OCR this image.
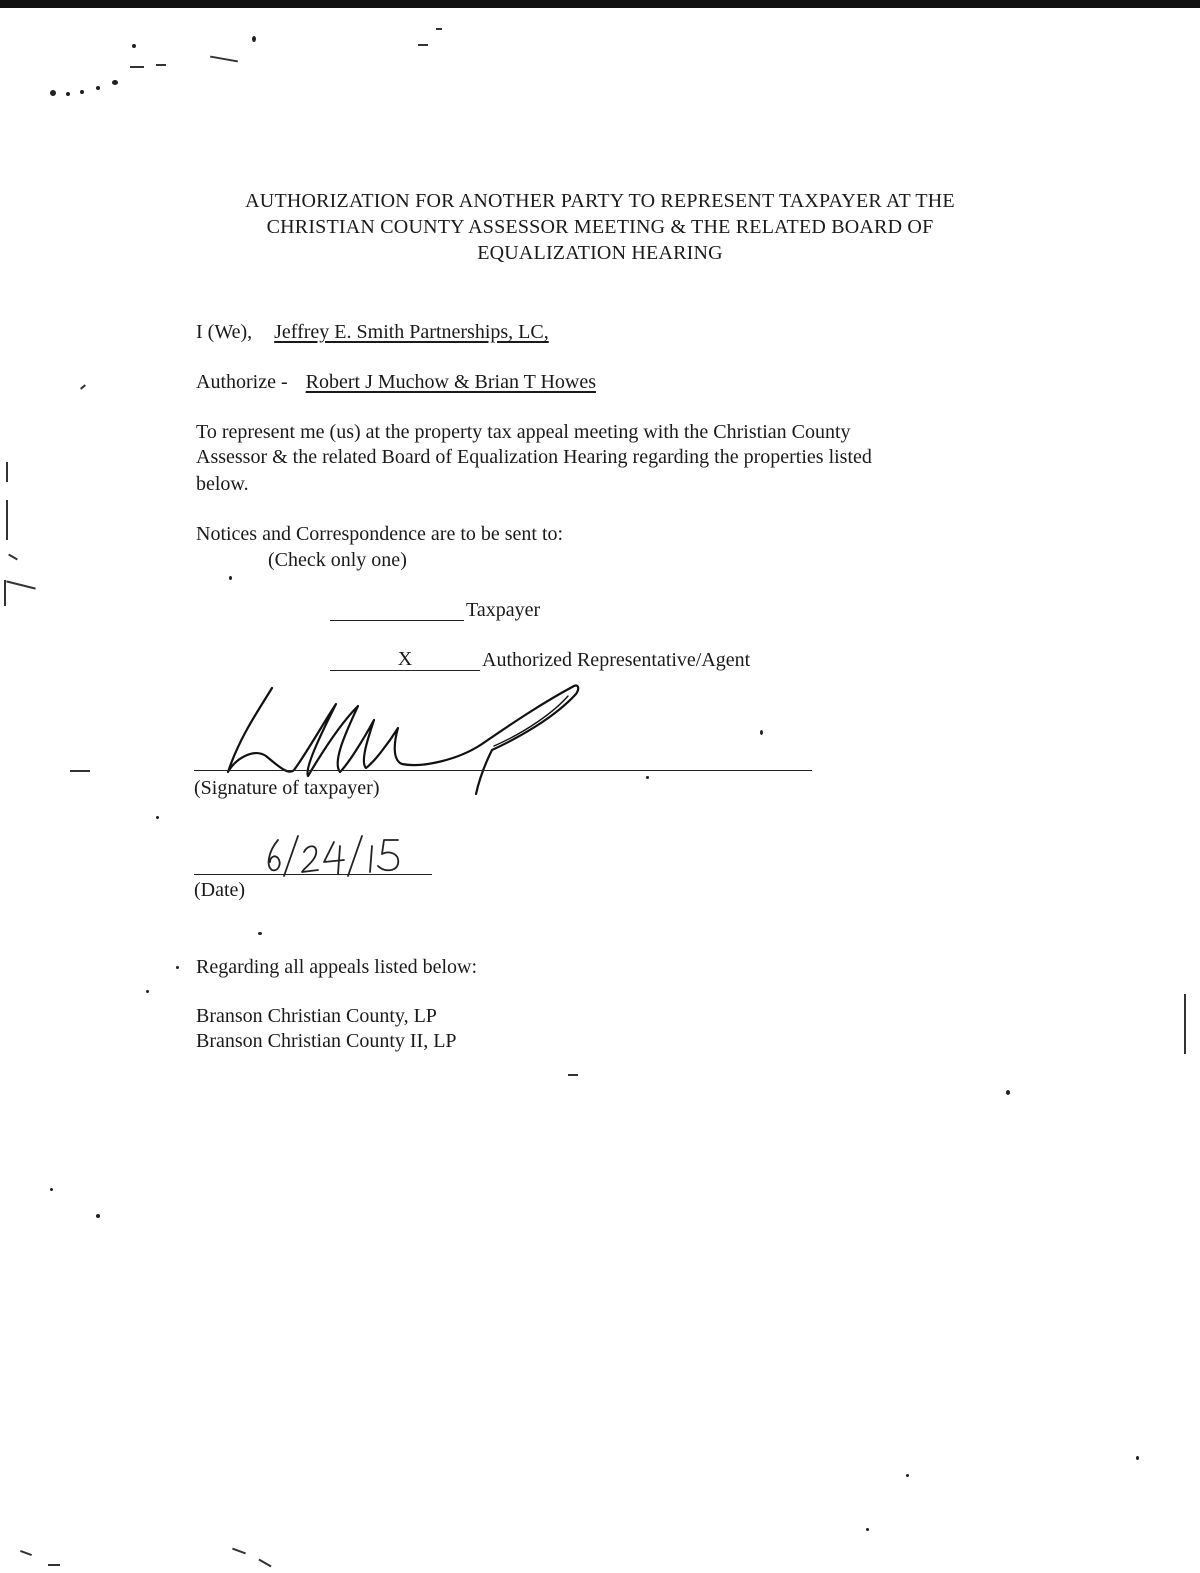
AUTHORIZATION FOR ANOTHER PARTY TO REPRESENT TAXPAYER AT THE
CHRISTIAN COUNTY ASSESSOR MEETING & THE RELATED BOARD OF
EQUALIZATION HEARING
I (We), Jeffrey E. Smith Partnerships, LC,
Authorize - Robert J Muchow & Brian T Howes
To represent me (us) at the property tax appeal meeting with the Christian County
Assessor & the related Board of Equalization Hearing regarding the properties listed
below.
Notices and Correspondence are to be sent to:
(Check only one)
Taxpayer
X	Authorized Representative/Agent
(Signature of taxpayer)
(Date)
Regarding all appeals listed below:
Branson Christian County, LP
Branson Christian County II, LP
